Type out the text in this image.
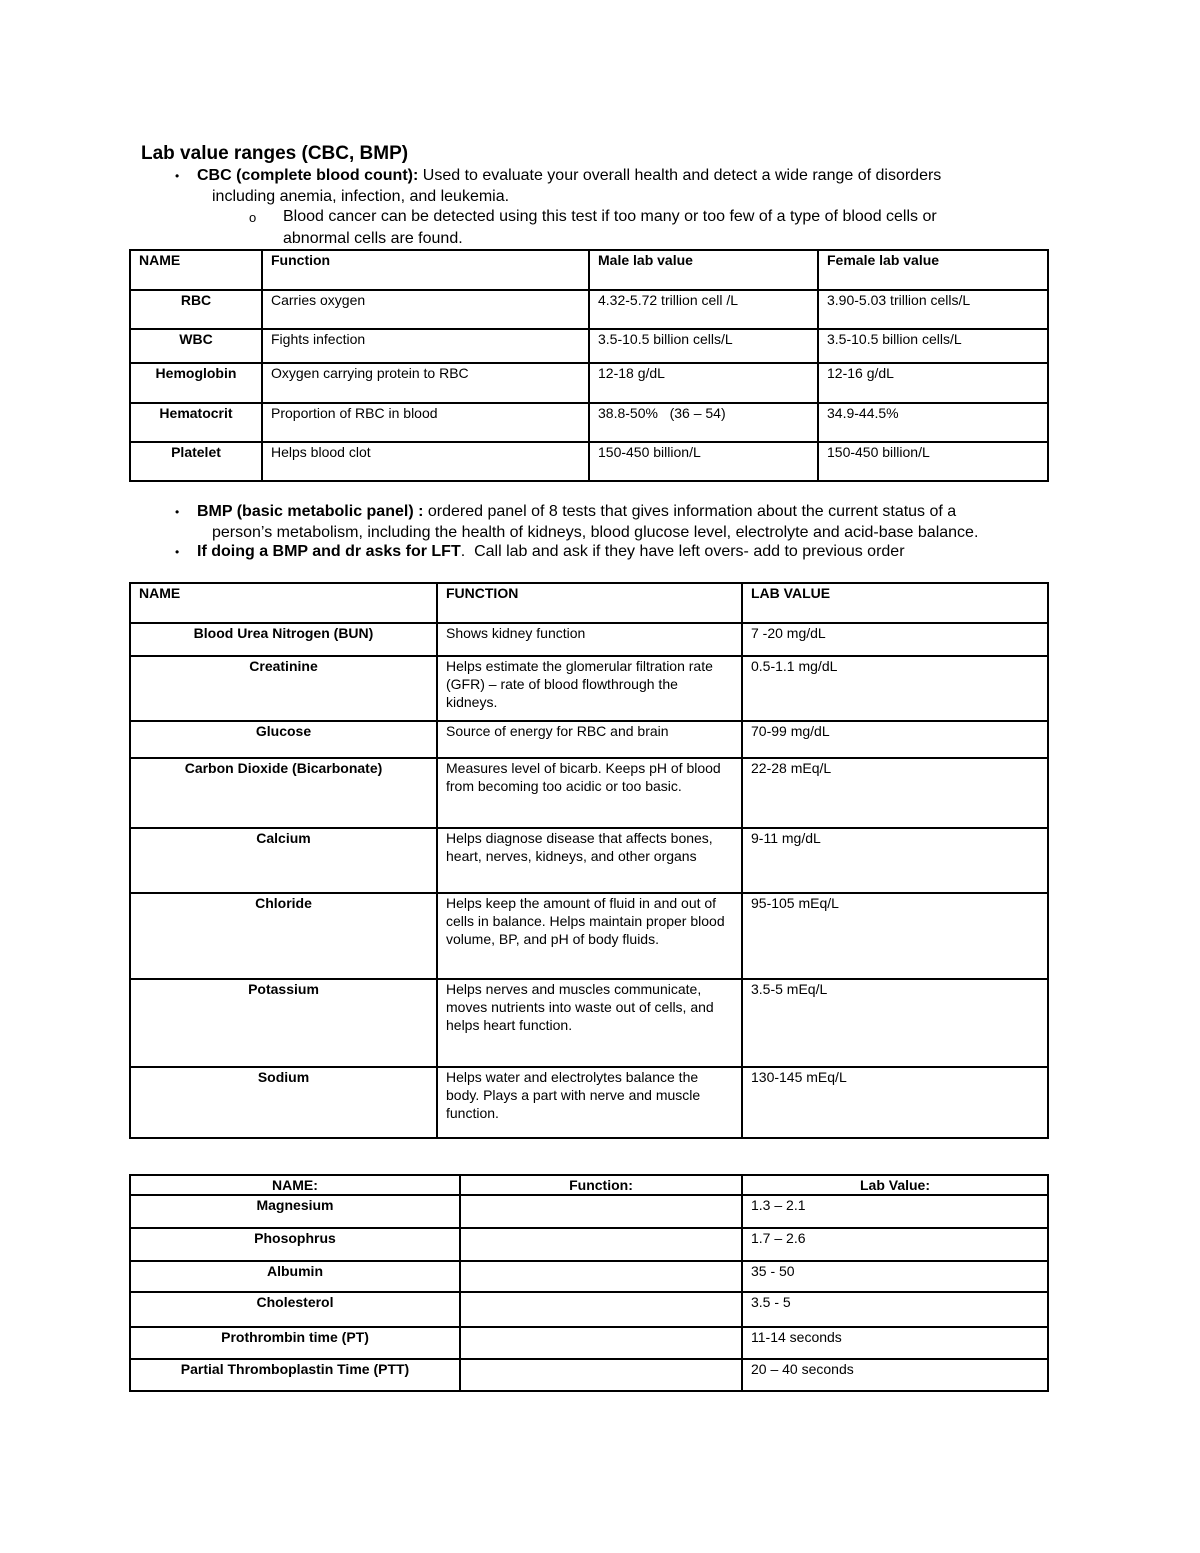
Lab value ranges (CBC, BMP)
• CBC (complete blood count): Used to evaluate your overall health and detect a wide range of disorders
including anemia, infection, and leukemia.
o Blood cancer can be detected using this test if too many or too few of a type of blood cells or
abnormal cells are found.
NAME	Function	Male lab value	Female lab value
RBC	Carries oxygen	4.32-5.72 trillion cell /L	3.90-5.03 trillion cells/L
WBC	Fights infection	3.5-10.5 billion cells/L	3.5-10.5 billion cells/L
Hemoglobin	Oxygen carrying protein to RBC	12-18 g/dL	12-16 g/dL
Hematocrit	Proportion of RBC in blood	38.8-50%   (36 – 54)	34.9-44.5%
Platelet	Helps blood clot	150-450 billion/L	150-450 billion/L
• BMP (basic metabolic panel) : ordered panel of 8 tests that gives information about the current status of a
person’s metabolism, including the health of kidneys, blood glucose level, electrolyte and acid-base balance.
• If doing a BMP and dr asks for LFT.  Call lab and ask if they have left overs- add to previous order
NAME	FUNCTION	LAB VALUE
Blood Urea Nitrogen (BUN)	Shows kidney function	7 -20 mg/dL
Creatinine	Helps estimate the glomerular filtration rate (GFR) – rate of blood flowthrough the kidneys.	0.5-1.1 mg/dL
Glucose	Source of energy for RBC and brain	70-99 mg/dL
Carbon Dioxide (Bicarbonate)	Measures level of bicarb. Keeps pH of blood from becoming too acidic or too basic.	22-28 mEq/L
Calcium	Helps diagnose disease that affects bones, heart, nerves, kidneys, and other organs	9-11 mg/dL
Chloride	Helps keep the amount of fluid in and out of cells in balance. Helps maintain proper blood volume, BP, and pH of body fluids.	95-105 mEq/L
Potassium	Helps nerves and muscles communicate, moves nutrients into waste out of cells, and helps heart function.	3.5-5 mEq/L
Sodium	Helps water and electrolytes balance the body. Plays a part with nerve and muscle function.	130-145 mEq/L
NAME:	Function:	Lab Value:
Magnesium		1.3 – 2.1
Phosophrus		1.7 – 2.6
Albumin		35 - 50
Cholesterol		3.5 - 5
Prothrombin time (PT)		11-14 seconds
Partial Thromboplastin Time (PTT)		20 – 40 seconds
